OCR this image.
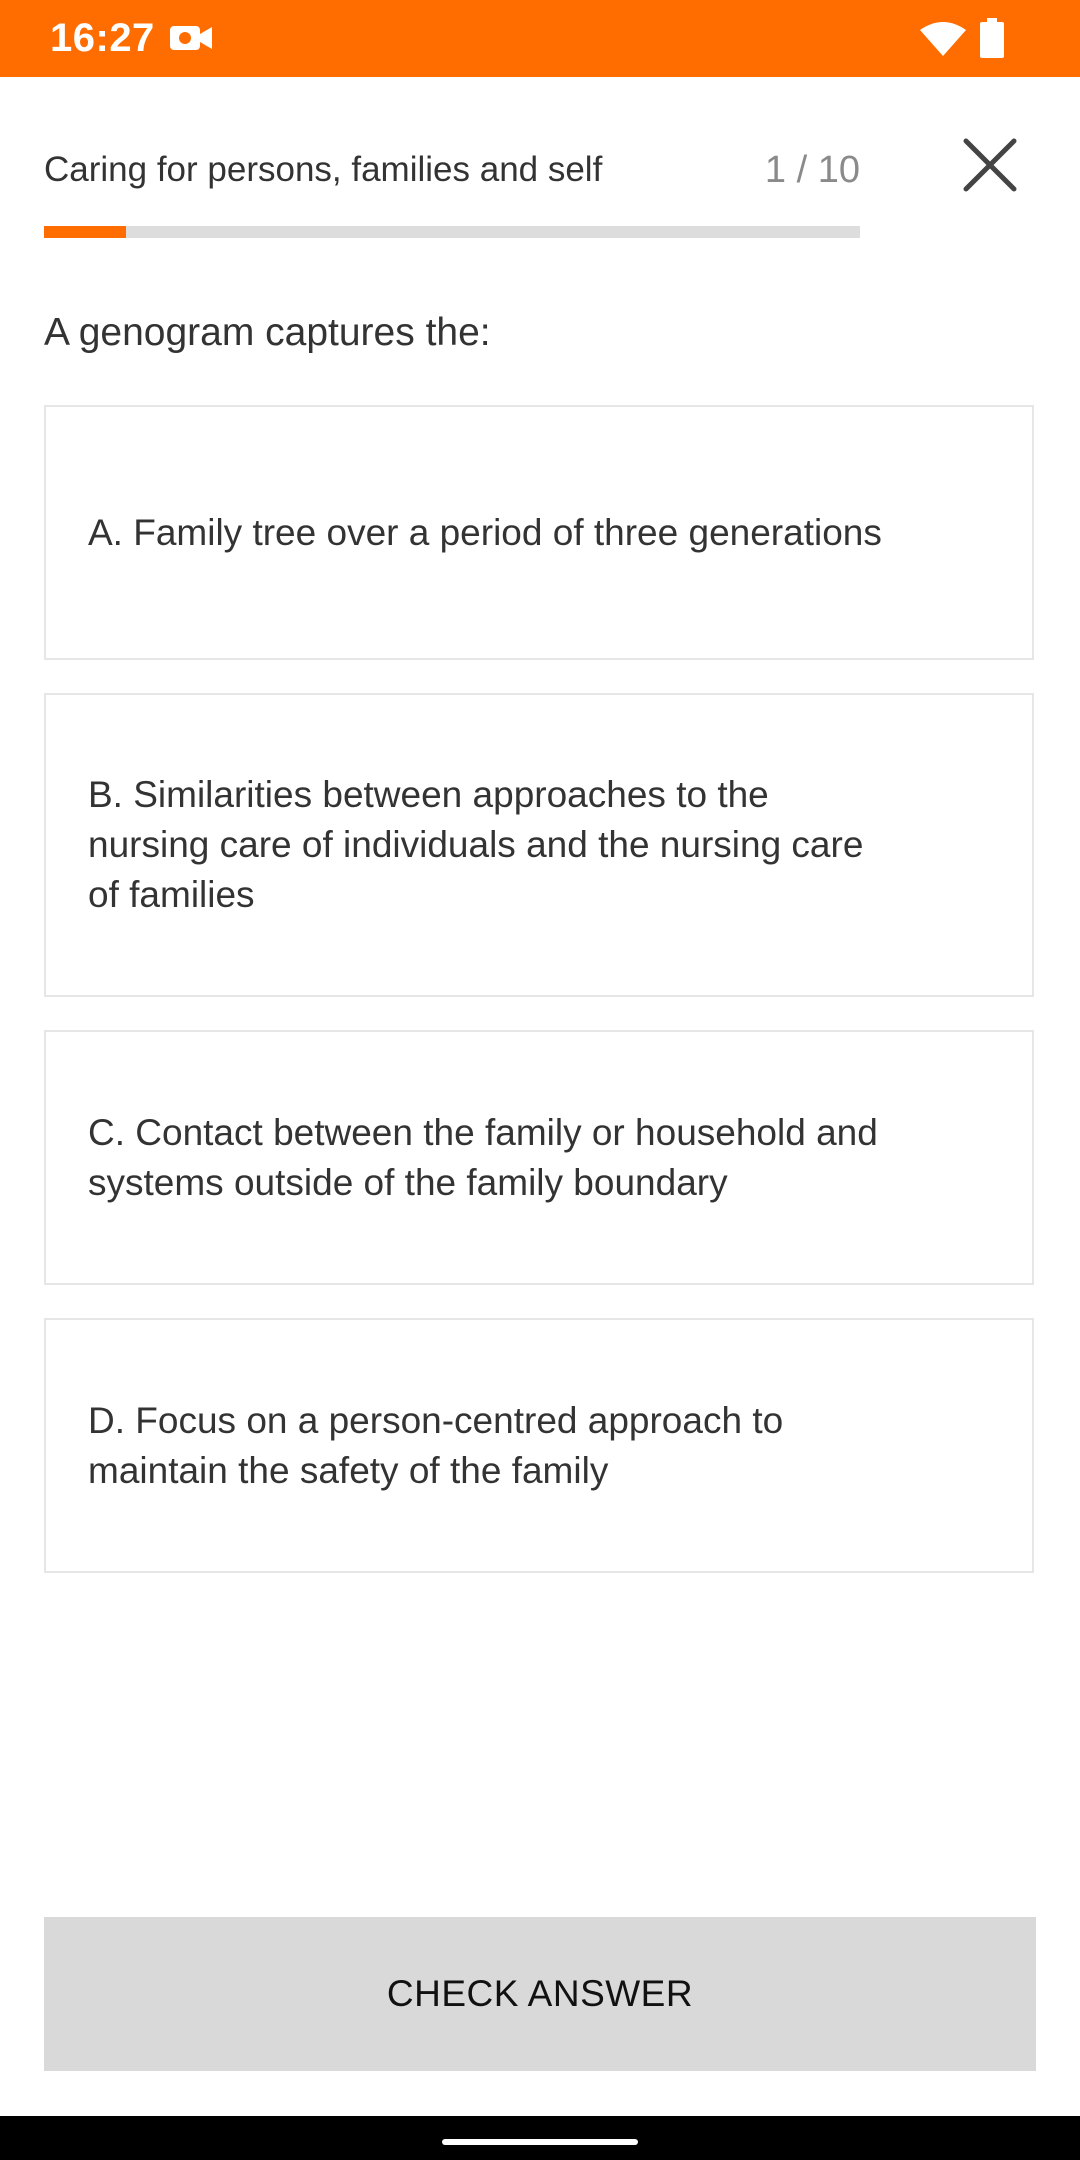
16:27
Caring for persons, families and self	1 / 10
A genogram captures the:
A. Family tree over a period of three generations
B. Similarities between approaches to the nursing care of individuals and the nursing care of families
C. Contact between the family or household and systems outside of the family boundary
D. Focus on a person-centred approach to maintain the safety of the family
CHECK ANSWER
